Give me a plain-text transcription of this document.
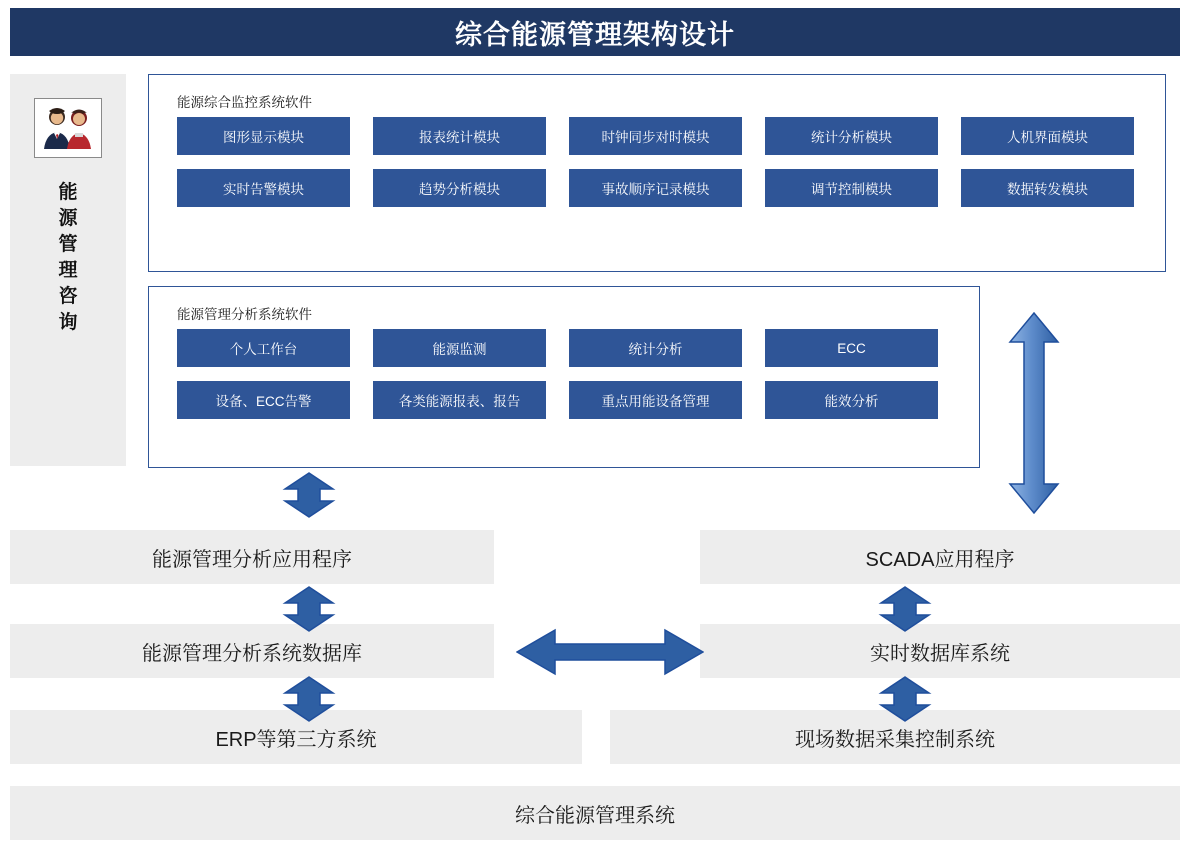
综合能源管理架构设计
能
源
管
理
咨
询
能源综合监控系统软件
图形显示模块	报表统计模块	时钟同步对时模块	统计分析模块	人机界面模块
实时告警模块	趋势分析模块	事故顺序记录模块	调节控制模块	数据转发模块
能源管理分析系统软件
个人工作台	能源监测	统计分析	ECC
设备、ECC告警	各类能源报表、报告	重点用能设备管理	能效分析
能源管理分析应用程序	SCADA应用程序
能源管理分析系统数据库	实时数据库系统
ERP等第三方系统	现场数据采集控制系统
综合能源管理系统
